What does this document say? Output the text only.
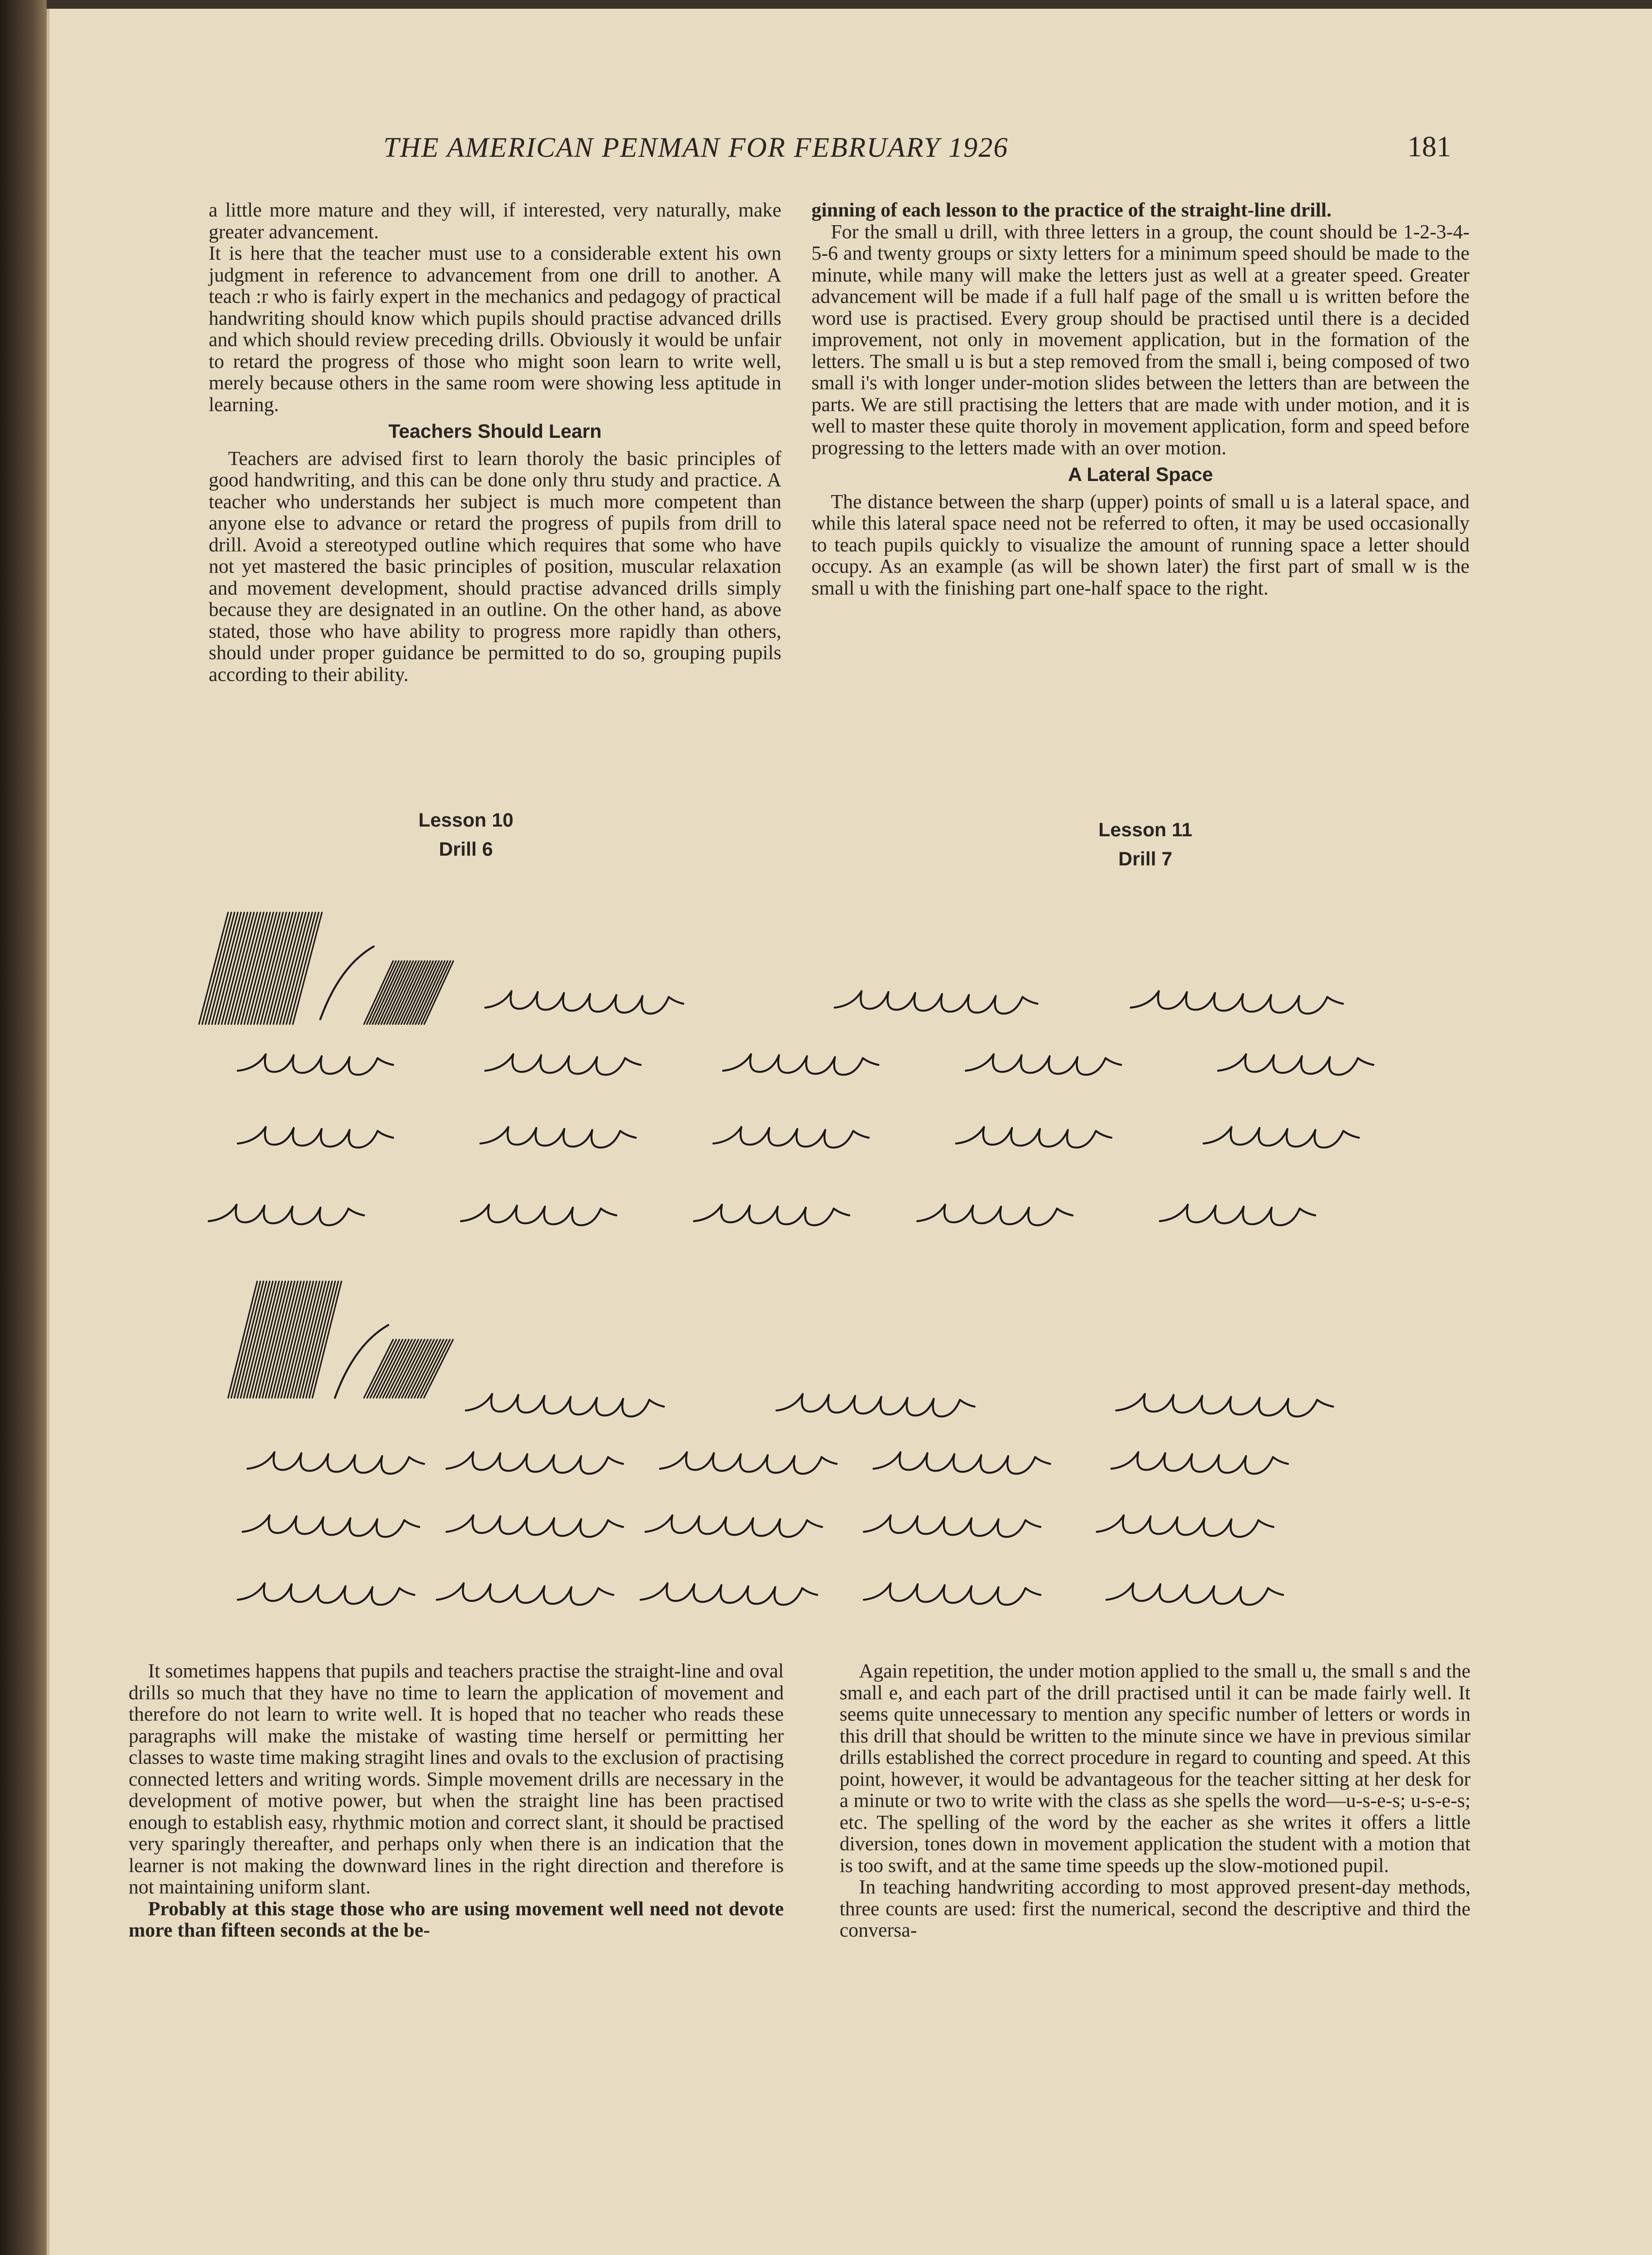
THE AMERICAN PENMAN FOR FEBRUARY 1926	181

a little more mature and they will, if interested, very naturally, make greater advancement.

It is here that the teacher must use to a considerable extent his own judgment in reference to advancement from one drill to another. A teach :r who is fairly expert in the mechanics and pedagogy of practical handwriting should know which pupils should practise advanced drills and which should review preceding drills. Obviously it would be unfair to retard the progress of those who might soon learn to write well, merely because others in the same room were showing less aptitude in learning.

Teachers Should Learn

Teachers are advised first to learn thoroly the basic principles of good handwriting, and this can be done only thru study and practice. A teacher who understands her subject is much more competent than anyone else to advance or retard the progress of pupils from drill to drill. Avoid a stereotyped outline which requires that some who have not yet mastered the basic principles of position, muscular relaxation and movement development, should practise advanced drills simply because they are designated in an outline. On the other hand, as above stated, those who have ability to progress more rapidly than others, should under proper guidance be permitted to do so, grouping pupils according to their ability.

ginning of each lesson to the practice of the straight-line drill.

For the small u drill, with three letters in a group, the count should be 1-2-3-4-5-6 and twenty groups or sixty letters for a minimum speed should be made to the minute, while many will make the letters just as well at a greater speed. Greater advancement will be made if a full half page of the small u is written before the word use is practised. Every group should be practised until there is a decided improvement, not only in movement application, but in the formation of the letters. The small u is but a step removed from the small i, being composed of two small i's with longer under-motion slides between the letters than are between the parts. We are still practising the letters that are made with under motion, and it is well to master these quite thoroly in movement application, form and speed before progressing to the letters made with an over motion.

A Lateral Space

The distance between the sharp (upper) points of small u is a lateral space, and while this lateral space need not be referred to often, it may be used occasionally to teach pupils quickly to visualize the amount of running space a letter should occupy. As an example (as will be shown later) the first part of small w is the small u with the finishing part one-half space to the right.

Lesson 10
Drill 6
Lesson 11
Drill 7

It sometimes happens that pupils and teachers practise the straight-line and oval drills so much that they have no time to learn the application of movement and therefore do not learn to write well. It is hoped that no teacher who reads these paragraphs will make the mistake of wasting time herself or permitting her classes to waste time making stragiht lines and ovals to the exclusion of practising connected letters and writing words. Simple movement drills are necessary in the development of motive power, but when the straight line has been practised enough to establish easy, rhythmic motion and correct slant, it should be practised very sparingly thereafter, and perhaps only when there is an indication that the learner is not making the downward lines in the right direction and therefore is not maintaining uniform slant.

Probably at this stage those who are using movement well need not devote more than fifteen seconds at the be-

Again repetition, the under motion applied to the small u, the small s and the small e, and each part of the drill practised until it can be made fairly well. It seems quite unnecessary to mention any specific number of letters or words in this drill that should be written to the minute since we have in previous similar drills established the correct procedure in regard to counting and speed. At this point, however, it would be advantageous for the teacher sitting at her desk for a minute or two to write with the class as she spells the word—u-s-e-s; u-s-e-s; etc. The spelling of the word by the eacher as she writes it offers a little diversion, tones down in movement application the student with a motion that is too swift, and at the same time speeds up the slow-motioned pupil.

In teaching handwriting according to most approved present-day methods, three counts are used: first the numerical, second the descriptive and third the conversa-
